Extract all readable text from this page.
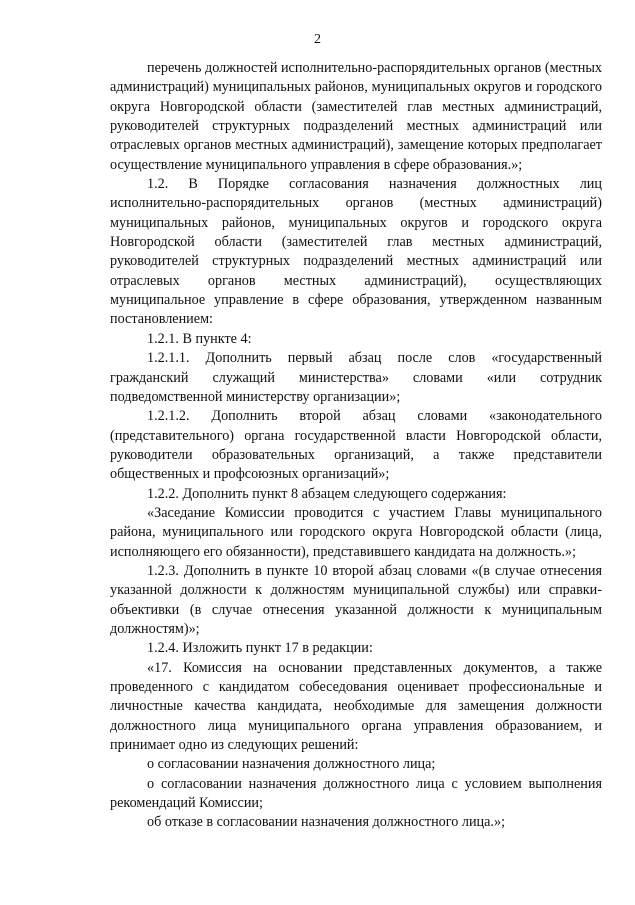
2

перечень должностей исполнительно-распорядительных органов (местных администраций) муниципальных районов, муниципальных округов и городского округа Новгородской области (заместителей глав местных администраций, руководителей структурных подразделений местных администраций или отраслевых органов местных администраций), замещение которых предполагает осуществление муниципального управления в сфере образования.»;

1.2. В Порядке согласования назначения должностных лиц исполнительно-распорядительных органов (местных администраций) муниципальных районов, муниципальных округов и городского округа Новгородской области (заместителей глав местных администраций, руководителей структурных подразделений местных администраций или отраслевых органов местных администраций), осуществляющих муниципальное управление в сфере образования, утвержденном названным постановлением:

1.2.1. В пункте 4:

1.2.1.1. Дополнить первый абзац после слов «государственный гражданский служащий министерства» словами «или сотрудник подведомственной министерству организации»;

1.2.1.2. Дополнить второй абзац словами «законодательного (представительного) органа государственной власти Новгородской области, руководители образовательных организаций, а также представители общественных и профсоюзных организаций»;

1.2.2. Дополнить пункт 8 абзацем следующего содержания:

«Заседание Комиссии проводится с участием Главы муниципального района, муниципального или городского округа Новгородской области (лица, исполняющего его обязанности), представившего кандидата на должность.»;

1.2.3. Дополнить в пункте 10 второй абзац словами «(в случае отнесения указанной должности к должностям муниципальной службы) или справки-объективки (в случае отнесения указанной должности к муниципальным должностям)»;

1.2.4. Изложить пункт 17 в редакции:

«17. Комиссия на основании представленных документов, а также проведенного с кандидатом собеседования оценивает профессиональные и личностные качества кандидата, необходимые для замещения должности должностного лица муниципального органа управления образованием, и принимает одно из следующих решений:

о согласовании назначения должностного лица;

о согласовании назначения должностного лица с условием выполнения рекомендаций Комиссии;

об отказе в согласовании назначения должностного лица.»;
